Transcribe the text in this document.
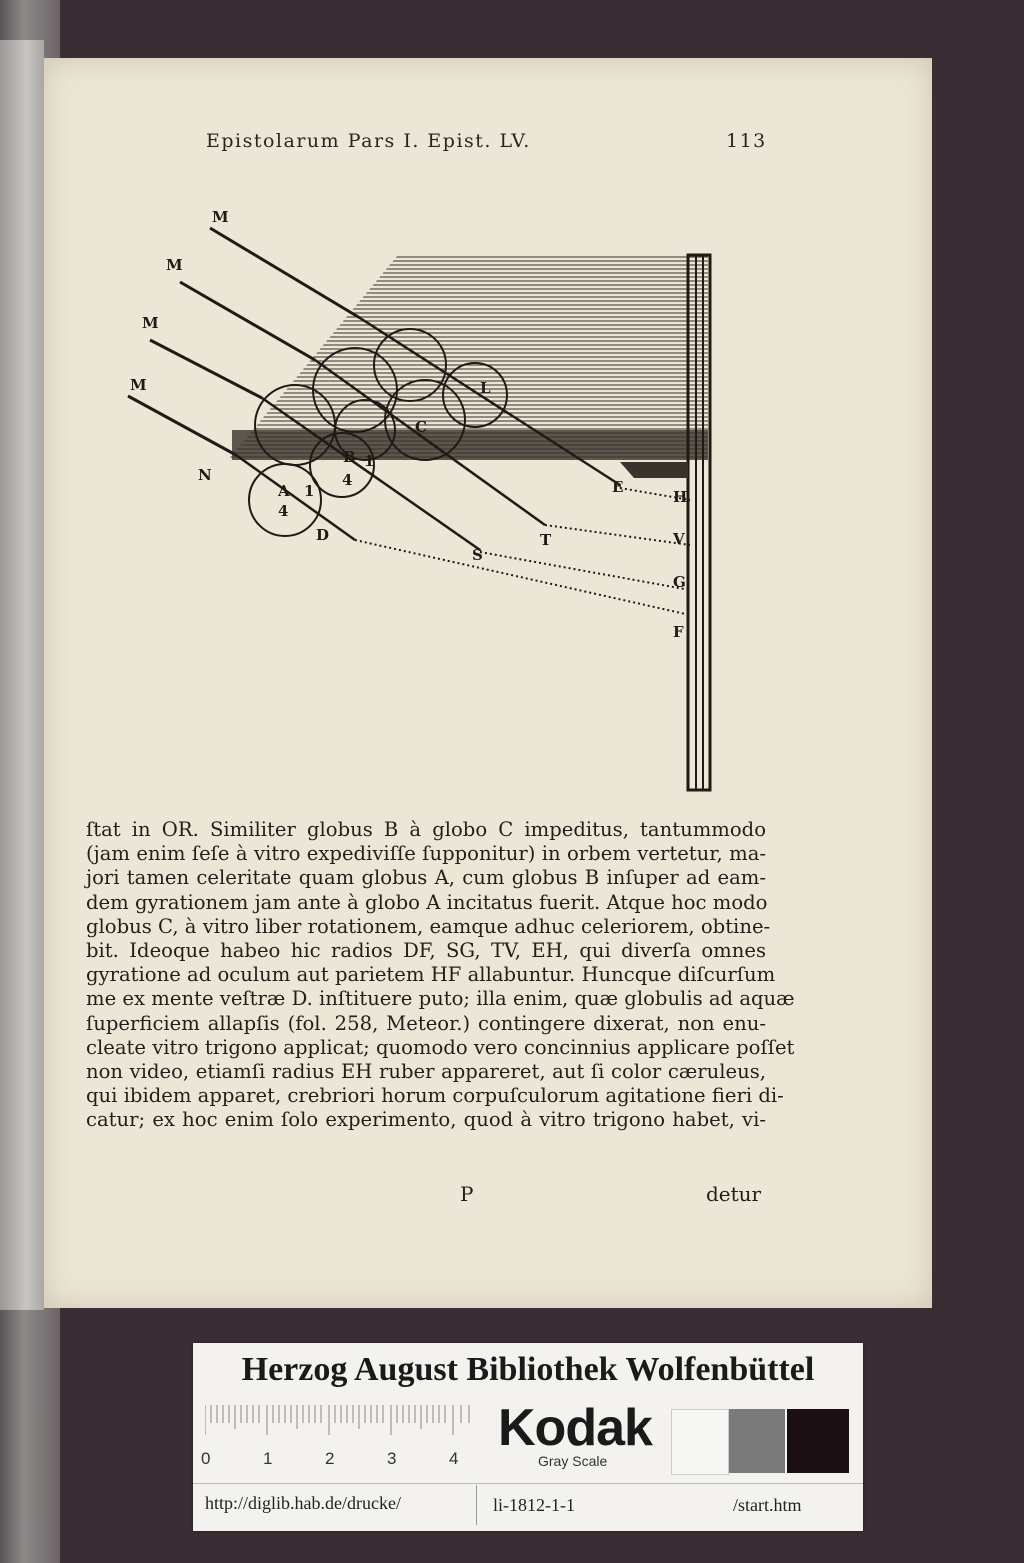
Epistolarum Pars I. Epist. LV.	113
M
M
M
M
N
A 1
4
B 1
4
C
L
D
S
T
E
H
V
G
F
ſtat in OR. Similiter globus B à globo C impeditus, tantummodo
(jam enim ſeſe à vitro expediviſſe ſupponitur) in orbem vertetur, ma-
jori tamen celeritate quam globus A, cum globus B inſuper ad eam-
dem gyrationem jam ante à globo A incitatus fuerit. Atque hoc modo
globus C, à vitro liber rotationem, eamque adhuc celeriorem, obtine-
bit. Ideoque habeo hic radios DF, SG, TV, EH, qui diverſa omnes
gyratione ad oculum aut parietem HF allabuntur. Huncque diſcurſum
me ex mente veſtræ D. inſtituere puto; illa enim, quæ globulis ad aquæ
ſuperficiem allapſis (fol. 258, Meteor.) contingere dixerat, non enu-
cleate vitro trigono applicat; quomodo vero concinnius applicare poſſet
non video, etiamſi radius EH ruber appareret, aut ſi color cæruleus,
qui ibidem apparet, crebriori horum corpuſculorum agitatione fieri di-
catur; ex hoc enim ſolo experimento, quod à vitro trigono habet, vi-
P	detur
Herzog August Bibliothek Wolfenbüttel
0	1	2	3	4
Kodak
Gray Scale
http://diglib.hab.de/drucke/	li-1812-1-1	/start.htm
